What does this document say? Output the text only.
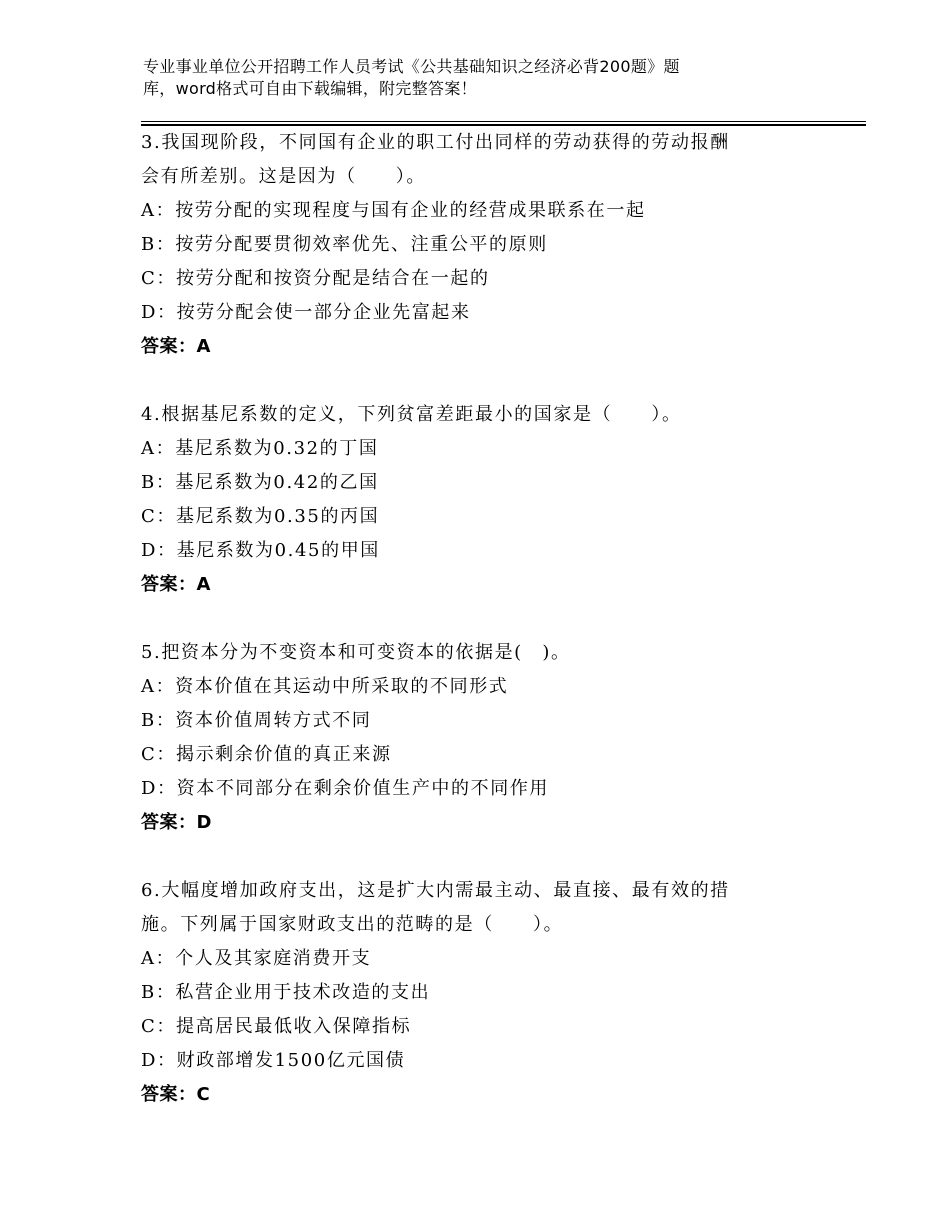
专业事业单位公开招聘工作人员考试《公共基础知识之经济必背200题》题
库，word格式可自由下载编辑，附完整答案！

3.我国现阶段，不同国有企业的职工付出同样的劳动获得的劳动报酬

会有所差别。这是因为（　　）。

A：按劳分配的实现程度与国有企业的经营成果联系在一起

B：按劳分配要贯彻效率优先、注重公平的原则

C：按劳分配和按资分配是结合在一起的

D：按劳分配会使一部分企业先富起来

答案：A

4.根据基尼系数的定义，下列贫富差距最小的国家是（　　）。

A：基尼系数为0.32的丁国

B：基尼系数为0.42的乙国

C：基尼系数为0.35的丙国

D：基尼系数为0.45的甲国

答案：A

5.把资本分为不变资本和可变资本的依据是(　)。

A：资本价值在其运动中所采取的不同形式

B：资本价值周转方式不同

C：揭示剩余价值的真正来源

D：资本不同部分在剩余价值生产中的不同作用

答案：D

6.大幅度增加政府支出，这是扩大内需最主动、最直接、最有效的措

施。下列属于国家财政支出的范畴的是（　　）。

A：个人及其家庭消费开支

B：私营企业用于技术改造的支出

C：提高居民最低收入保障指标

D：财政部增发1500亿元国债

答案：C
